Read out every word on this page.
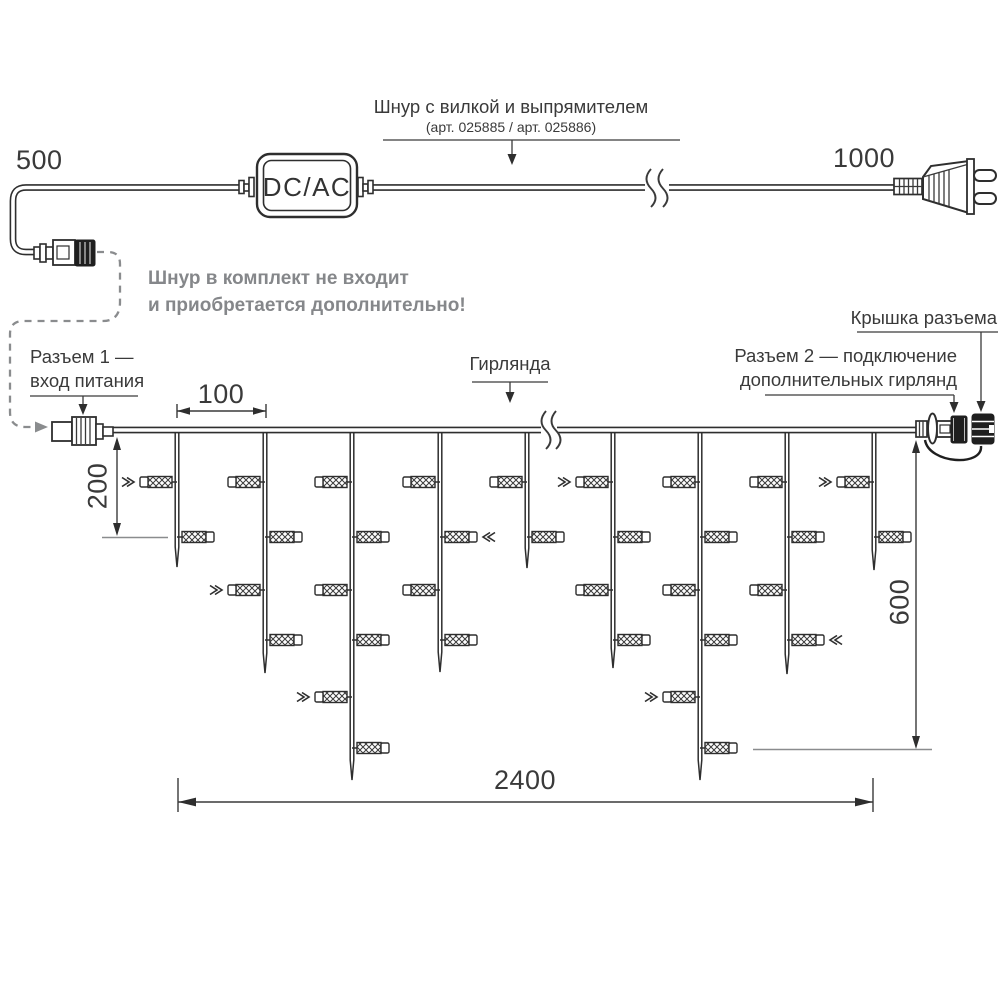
500	1000
DC/AC
Шнур с вилкой и выпрямителем
(арт. 025885 / арт. 025886)
Шнур в комплект не входит
и приобретается дополнительно!
Разъем 1 —
вход питания
Гирлянда	Разъем 2 — подключение
дополнительных гирлянд
Крышка разъема
100
200
600
2400
